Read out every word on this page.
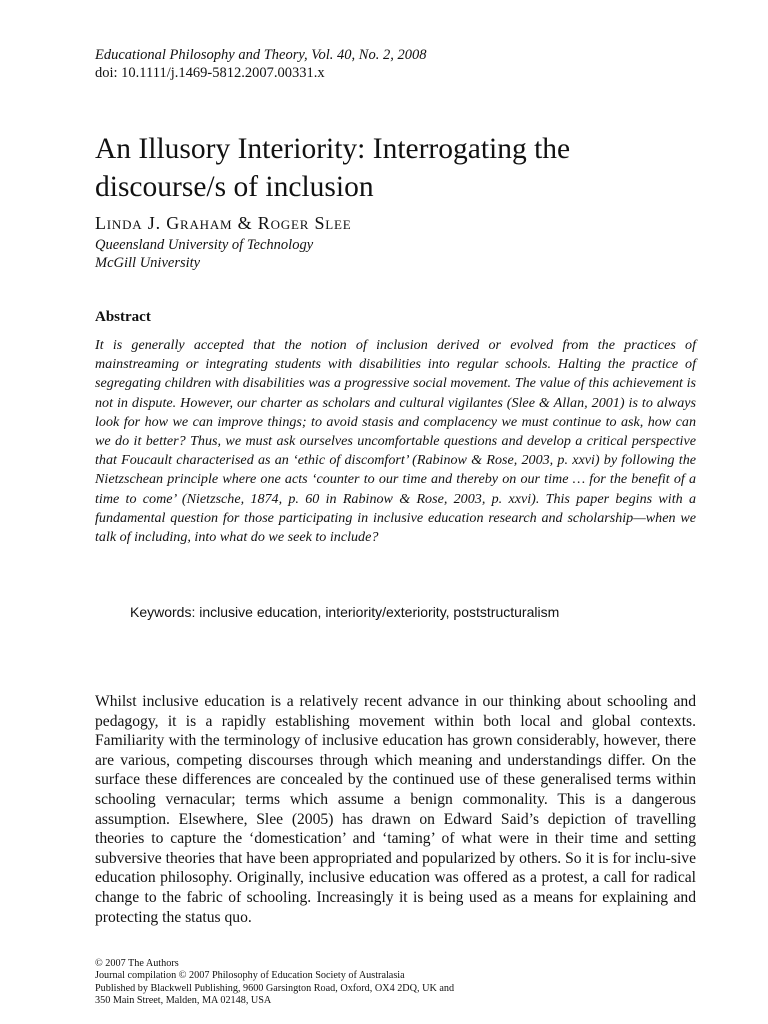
Educational Philosophy and Theory, Vol. 40, No. 2, 2008
doi: 10.1111/j.1469-5812.2007.00331.x
An Illusory Interiority: Interrogating the discourse/s of inclusion
Linda J. Graham & Roger Slee
Queensland University of Technology
McGill University
Abstract

It is generally accepted that the notion of inclusion derived or evolved from the practices of mainstreaming or integrating students with disabilities into regular schools. Halting the practice of segregating children with disabilities was a progressive social movement. The value of this achievement is not in dispute. However, our charter as scholars and cultural vigilantes (Slee & Allan, 2001) is to always look for how we can improve things; to avoid stasis and complacency we must continue to ask, how can we do it better? Thus, we must ask ourselves uncomfortable questions and develop a critical perspective that Foucault characterised as an ‘ethic of discomfort’ (Rabinow & Rose, 2003, p. xxvi) by following the Nietzschean principle where one acts ‘counter to our time and thereby on our time … for the benefit of a time to come’ (Nietzsche, 1874, p. 60 in Rabinow & Rose, 2003, p. xxvi). This paper begins with a fundamental question for those participating in inclusive education research and scholarship—when we talk of including, into what do we seek to include?

Keywords: inclusive education, interiority/exteriority, poststructuralism

Whilst inclusive education is a relatively recent advance in our thinking about schooling and pedagogy, it is a rapidly establishing movement within both local and global contexts. Familiarity with the terminology of inclusive education has grown considerably, however, there are various, competing discourses through which meaning and understandings differ. On the surface these differences are concealed by the continued use of these generalised terms within schooling vernacular; terms which assume a benign commonality. This is a dangerous assumption. Elsewhere, Slee (2005) has drawn on Edward Said’s depiction of travelling theories to capture the ‘domestication’ and ‘taming’ of what were in their time and setting subversive theories that have been appropriated and popularized by others. So it is for inclu-sive education philosophy. Originally, inclusive education was offered as a protest, a call for radical change to the fabric of schooling. Increasingly it is being used as a means for explaining and protecting the status quo.

© 2007 The Authors
Journal compilation © 2007 Philosophy of Education Society of Australasia
Published by Blackwell Publishing, 9600 Garsington Road, Oxford, OX4 2DQ, UK and
350 Main Street, Malden, MA 02148, USA
